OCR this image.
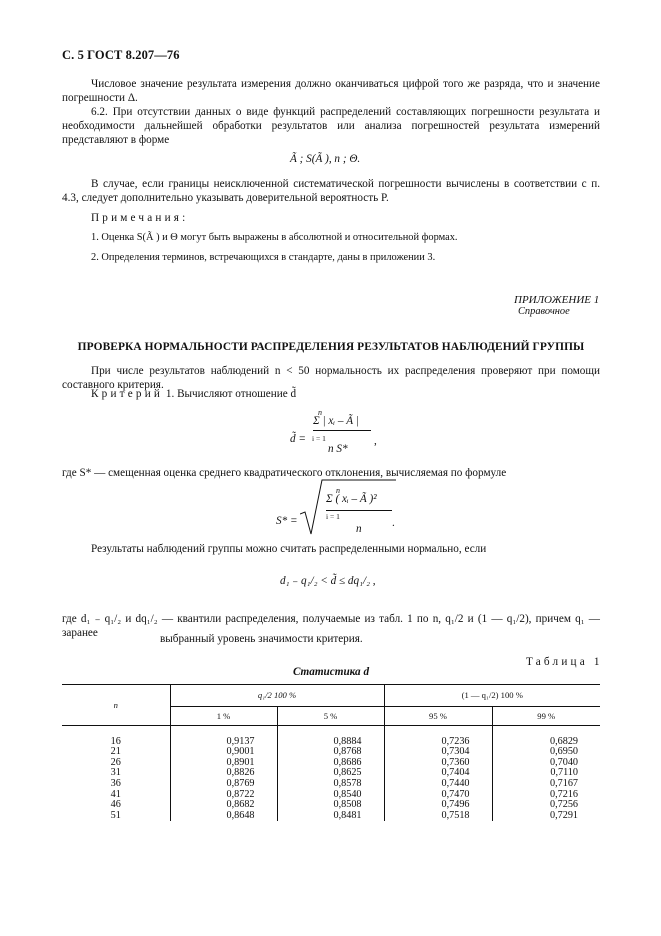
С. 5 ГОСТ 8.207—76
Числовое значение результата измерения должно оканчиваться цифрой того же разряда, что и значение погрешности Δ.
6.2. При отсутствии данных о виде функций распределений составляющих погрешности результата и необходимости дальнейшей обработки результатов или анализа погрешностей результата измерений представляют в форме
Ã ; S(Ã ), n ; Θ.
В случае, если границы неисключенной систематической погрешности вычислены в соответствии с п. 4.3, следует дополнительно указывать доверительной вероятность P.
Примечания:
1. Оценка S(Ã ) и Θ могут быть выражены в абсолютной и относительной формах.
2. Определения терминов, встречающихся в стандарте, даны в приложении 3.
ПРИЛОЖЕНИЕ 1
Справочное
ПРОВЕРКА НОРМАЛЬНОСТИ РАСПРЕДЕЛЕНИЯ РЕЗУЛЬТАТОВ НАБЛЮДЕНИЙ ГРУППЫ
При числе результатов наблюдений n < 50 нормальность их распределения проверяют при помощи составного критерия.
Критерий 1. Вычисляют отношение d̃
d̃ =
n
Σ | xᵢ – Ã |
i = 1
n S*
,
где S* — смещенная оценка среднего квадратического отклонения, вычисляемая по формуле
S* =
n
Σ ( xᵢ – Ã )²
i = 1
n	.
Результаты наблюдений группы можно считать распределенными нормально, если
d₁ ₋ q₁/₂ < d̃ ≤ dq₁/₂ ,
где d₁ ₋ q₁/₂ и dq₁/₂ — квантили распределения, получаемые из табл. 1 по n, q₁/2 и (1 — q₁/2), причем q₁ — заранее	выбранный уровень значимости критерия.
Таблица 1
Статистика d
n	q₁/2 100 %		(1 — q₁/2) 100 %	
	1 %	5 %	95 %	99 %

16	0,9137	0,8884	0,7236	0,6829
21	0,9001	0,8768	0,7304	0,6950
26	0,8901	0,8686	0,7360	0,7040
31	0,8826	0,8625	0,7404	0,7110
36	0,8769	0,8578	0,7440	0,7167
41	0,8722	0,8540	0,7470	0,7216
46	0,8682	0,8508	0,7496	0,7256
51	0,8648	0,8481	0,7518	0,7291
